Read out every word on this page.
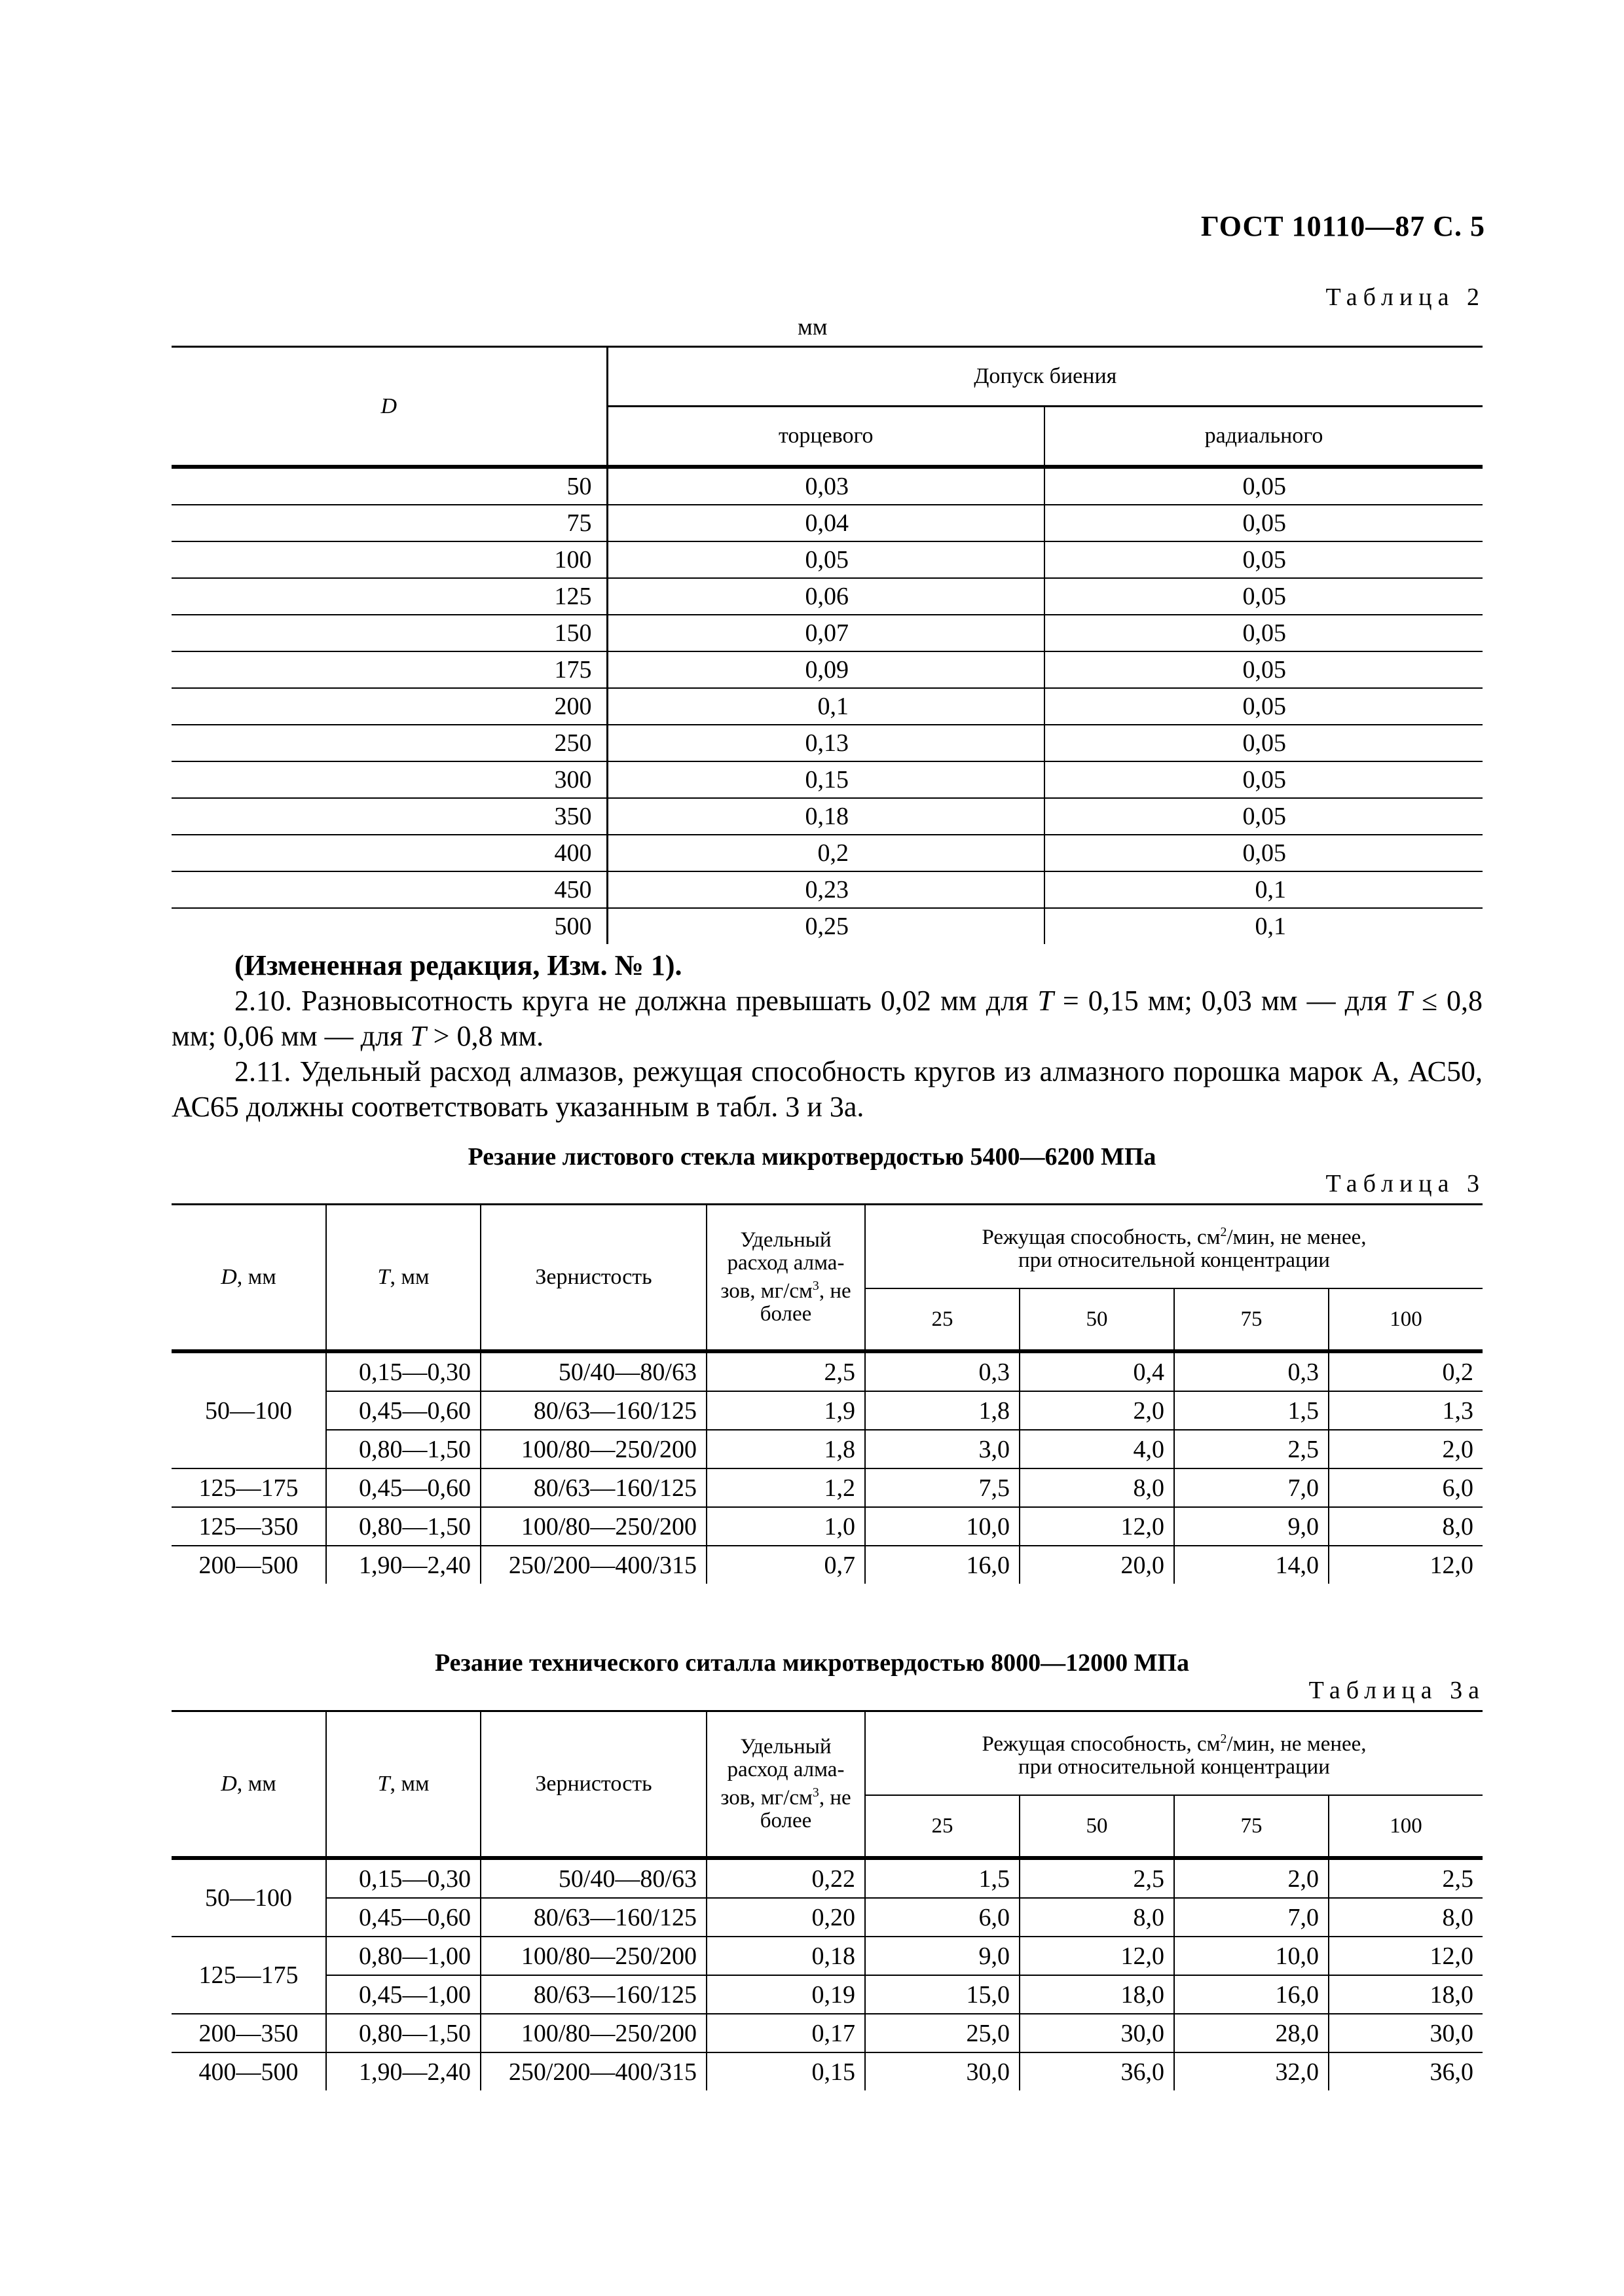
ГОСТ 10110—87 С. 5
Таблица 2
мм
D	Допуск биения	
	торцевого	радиального
50	0,03	0,05
75	0,04	0,05
100	0,05	0,05
125	0,06	0,05
150	0,07	0,05
175	0,09	0,05
200	0,1	0,05
250	0,13	0,05
300	0,15	0,05
350	0,18	0,05
400	0,2	0,05
450	0,23	0,1
500	0,25	0,1
(Измененная редакция, Изм. № 1).
2.10. Разновысотность круга не должна превышать 0,02 мм для T = 0,15 мм; 0,03 мм — для T ≤ 0,8 мм; 0,06 мм — для T > 0,8 мм.
2.11. Удельный расход алмазов, режущая способность кругов из алмазного порошка марок А, АС50, АС65 должны соответствовать указанным в табл. 3 и 3а.
Резание листового стекла микротвердостью 5400—6200 МПа
Таблица 3
D, мм	Т, мм	Зернистость	Удельный
расход алма-
зов, $мг/см^3$, не более	Режущая способность, $см^2$/мин, не менее,
при относительной концентрации			
				25	50	75	100
50—100	0,15—0,30	50/40—80/63	2,5	0,3	0,4	0,3	0,2
	0,45—0,60	80/63—160/125	1,9	1,8	2,0	1,5	1,3
	0,80—1,50	100/80—250/200	1,8	3,0	4,0	2,5	2,0
125—175	0,45—0,60	80/63—160/125	1,2	7,5	8,0	7,0	6,0
125—350	0,80—1,50	100/80—250/200	1,0	10,0	12,0	9,0	8,0
200—500	1,90—2,40	250/200—400/315	0,7	16,0	20,0	14,0	12,0
Резание технического ситалла микротвердостью 8000—12000 МПа
Таблица 3а
D, мм	Т, мм	Зернистость	Удельный
расход алма-
зов, $мг/см^3$, не более	Режущая способность, $см^2$/мин, не менее,
при относительной концентрации			
				25	50	75	100
50—100	0,15—0,30	50/40—80/63	0,22	1,5	2,5	2,0	2,5
	0,45—0,60	80/63—160/125	0,20	6,0	8,0	7,0	8,0
125—175	0,80—1,00	100/80—250/200	0,18	9,0	12,0	10,0	12,0
	0,45—1,00	80/63—160/125	0,19	15,0	18,0	16,0	18,0
200—350	0,80—1,50	100/80—250/200	0,17	25,0	30,0	28,0	30,0
400—500	1,90—2,40	250/200—400/315	0,15	30,0	36,0	32,0	36,0
